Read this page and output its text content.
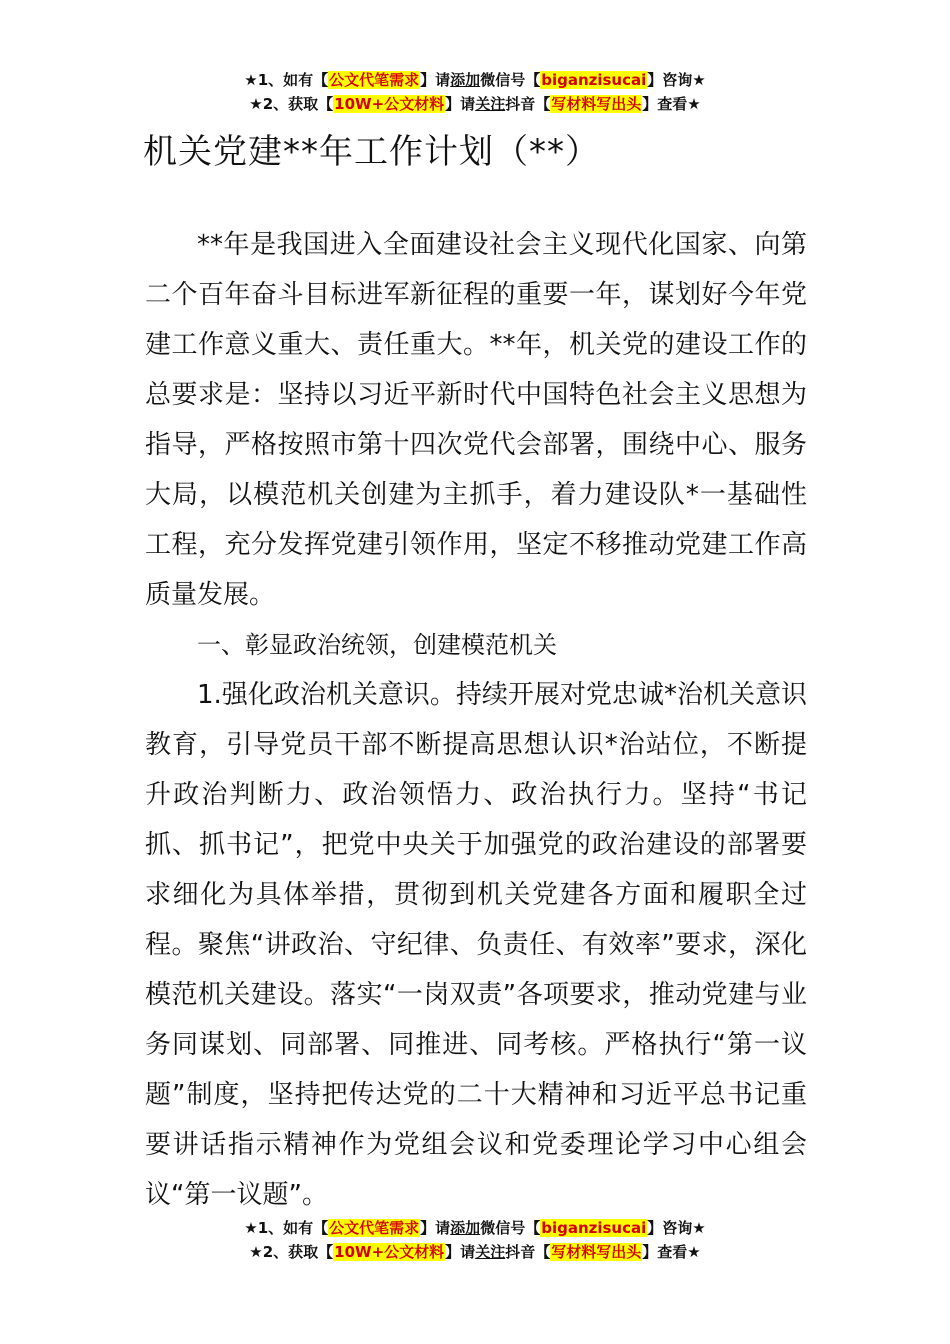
★1、如有【公文代笔需求】请添加微信号【biganzisucai】咨询★
★2、获取【10W+公文材料】请关注抖音【写材料写出头】查看★
机关党建**年工作计划（**）

**年是我国进入全面建设社会主义现代化国家、向第二个百年奋斗目标进军新征程的重要一年，谋划好今年党建工作意义重大、责任重大。**年，机关党的建设工作的总要求是：坚持以习近平新时代中国特色社会主义思想为指导，严格按照市第十四次党代会部署，围绕中心、服务大局，以模范机关创建为主抓手，着力建设队*一基础性工程，充分发挥党建引领作用，坚定不移推动党建工作高质量发展。

一、彰显政治统领，创建模范机关

1.强化政治机关意识。持续开展对党忠诚*治机关意识教育，引导党员干部不断提高思想认识*治站位，不断提升政治判断力、政治领悟力、政治执行力。坚持“书记抓、抓书记”，把党中央关于加强党的政治建设的部署要求细化为具体举措，贯彻到机关党建各方面和履职全过程。聚焦“讲政治、守纪律、负责任、有效率”要求，深化模范机关建设。落实“一岗双责”各项要求，推动党建与业务同谋划、同部署、同推进、同考核。严格执行“第一议题”制度，坚持把传达党的二十大精神和习近平总书记重要讲话指示精神作为党组会议和党委理论学习中心组会议“第一议题”。

★1、如有【公文代笔需求】请添加微信号【biganzisucai】咨询★
★2、获取【10W+公文材料】请关注抖音【写材料写出头】查看★
